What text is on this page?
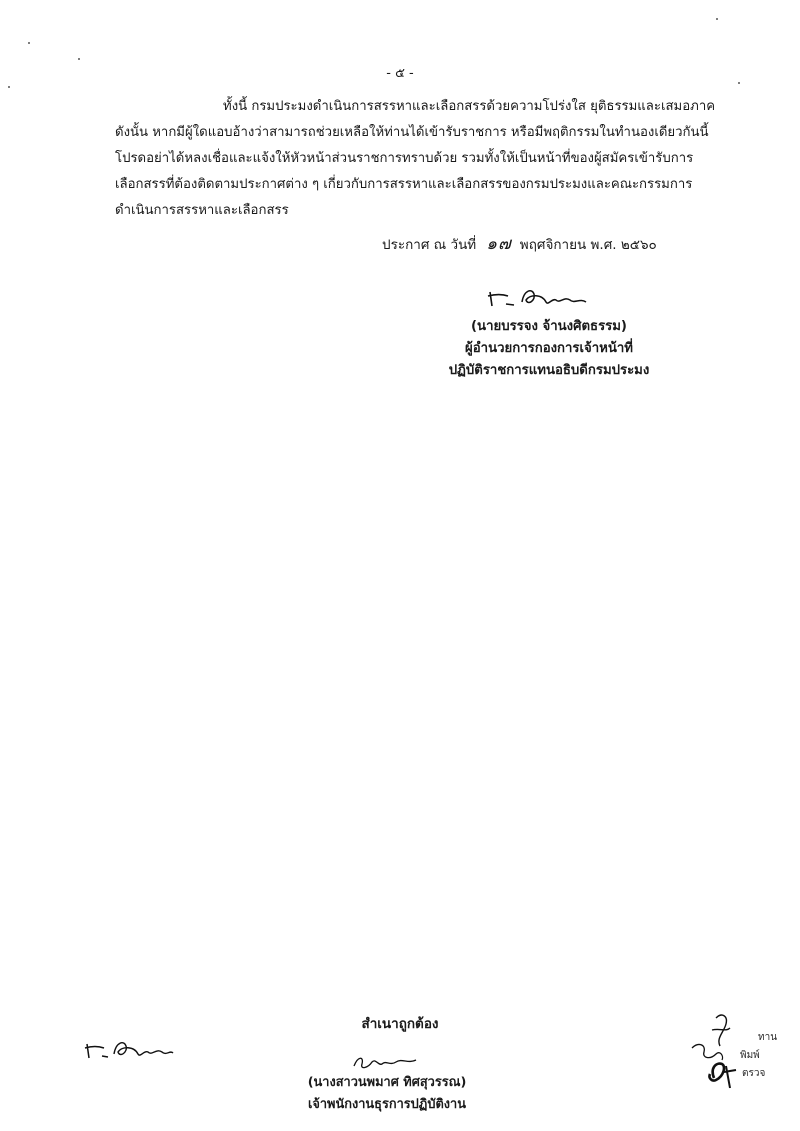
- ๕ -
ทั้งนี้ กรมประมงดำเนินการสรรหาและเลือกสรรด้วยความโปร่งใส ยุติธรรมและเสมอภาค
ดังนั้น หากมีผู้ใดแอบอ้างว่าสามารถช่วยเหลือให้ท่านได้เข้ารับราชการ หรือมีพฤติกรรมในทำนองเดียวกันนี้
โปรดอย่าได้หลงเชื่อและแจ้งให้หัวหน้าส่วนราชการทราบด้วย รวมทั้งให้เป็นหน้าที่ของผู้สมัครเข้ารับการ
เลือกสรรที่ต้องติดตามประกาศต่าง ๆ เกี่ยวกับการสรรหาและเลือกสรรของกรมประมงและคณะกรรมการ
ดำเนินการสรรหาและเลือกสรร
ประกาศ ณ วันที่ ๑๗ พฤศจิกายน พ.ศ. ๒๕๖๐
(นายบรรจง จ้านงศิตธรรม)
ผู้อำนวยการกองการเจ้าหน้าที่
ปฏิบัติราชการแทนอธิบดีกรมประมง
สำเนาถูกต้อง
(นางสาวนพมาศ ทิศสุวรรณ)
เจ้าพนักงานธุรการปฏิบัติงาน
พิมพ์
ทาน
ตรวจ
